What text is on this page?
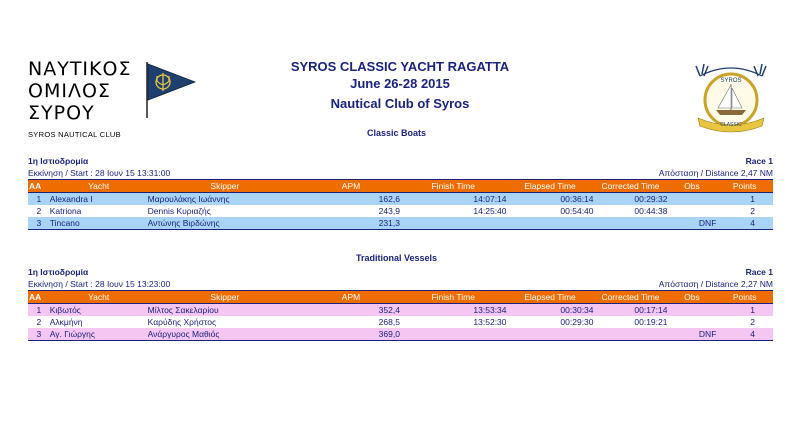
ΝΑΥΤΙΚΟΣ
ΟΜΙΛΟΣ
ΣΥΡΟΥ
SYROS NAUTICAL CLUB
SYROS
CLASSIC
SYROS CLASSIC YACHT RAGATTA
June 26-28 2015
Nautical Club of Syros
Classic Boats
1η Ιστιοδρομία	Race 1
Εκκίνηση / Start : 28 Ιουν 15 13:31:00	Απόσταση / Distance 2,47 NM
AA	Yacht	Skipper	APM	Finish Time	Elapsed Time	Corrected Time	Obs	Points
1	Alexandra I	Μαρουλάκης Ιωάννης	162,6	14:07:14	00:36:14	00:29:32		1
2	Katriona	Dennis Κυριαζής	243,9	14:25:40	00:54:40	00:44:38		2
3	Tincano	Αντώνης Βιρδώνης	231,3				DNF	4
Traditional Vessels
1η Ιστιοδρομία	Race 1
Εκκίνηση / Start : 28 Ιουν 15 13:23:00	Απόσταση / Distance 2,27 NM
AA	Yacht	Skipper	APM	Finish Time	Elapsed Time	Corrected Time	Obs	Points
1	Κιβωτός	Μίλτος Σακελαρίου	352,4	13:53:34	00:30:34	00:17:14		1
2	Αλκμήνη	Καρύδης Χρήστος	268,5	13:52:30	00:29:30	00:19:21		2
3	Αγ. Γιώργης	Ανάργυρος Μαθιός	369,0				DNF	4
